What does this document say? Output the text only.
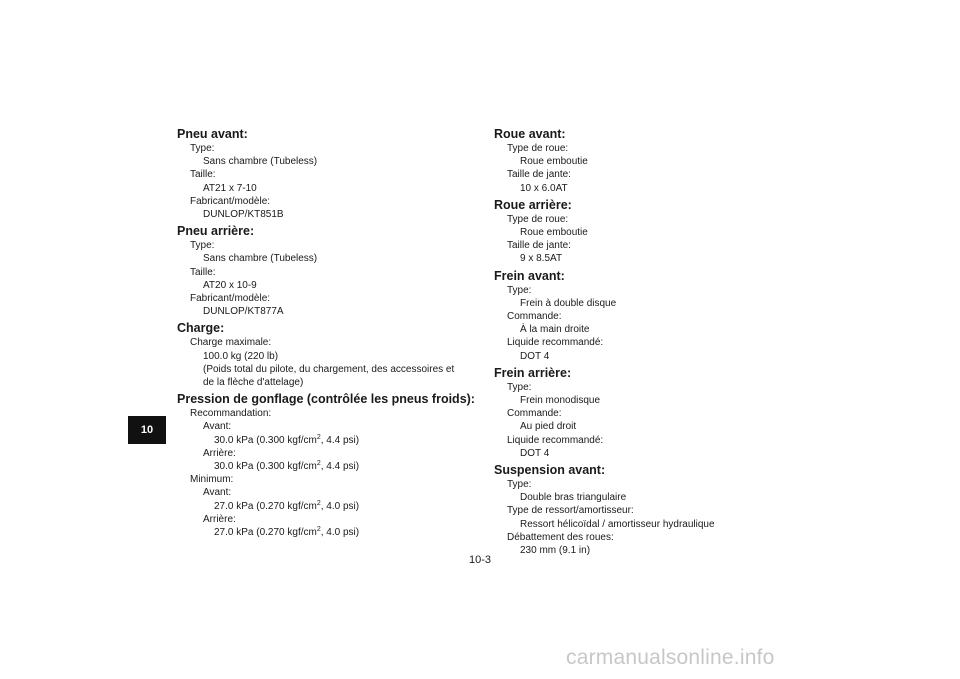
Pneu avant:
Type:
Sans chambre (Tubeless)
Taille:
AT21 x 7-10
Fabricant/modèle:
DUNLOP/KT851B
Pneu arrière:
Type:
Sans chambre (Tubeless)
Taille:
AT20 x 10-9
Fabricant/modèle:
DUNLOP/KT877A
Charge:
Charge maximale:
100.0 kg (220 lb)
(Poids total du pilote, du chargement, des accessoires et
de la flèche d'attelage)
Pression de gonflage (contrôlée les pneus froids):
Recommandation:
Avant:
30.0 kPa (0.300 kgf/$cm^2$, 4.4 psi)
Arrière:
30.0 kPa (0.300 kgf/$cm^2$, 4.4 psi)
Minimum:
Avant:
27.0 kPa (0.270 kgf/$cm^2$, 4.0 psi)
Arrière:
27.0 kPa (0.270 kgf/$cm^2$, 4.0 psi)
Roue avant:
Type de roue:
Roue emboutie
Taille de jante:
10 x 6.0AT
Roue arrière:
Type de roue:
Roue emboutie
Taille de jante:
9 x 8.5AT
Frein avant:
Type:
Frein à double disque
Commande:
À la main droite
Liquide recommandé:
DOT 4
Frein arrière:
Type:
Frein monodisque
Commande:
Au pied droit
Liquide recommandé:
DOT 4
Suspension avant:
Type:
Double bras triangulaire
Type de ressort/amortisseur:
Ressort hélicoïdal / amortisseur hydraulique
Débattement des roues:
230 mm (9.1 in)
10
10-3
carmanualsonline.info
